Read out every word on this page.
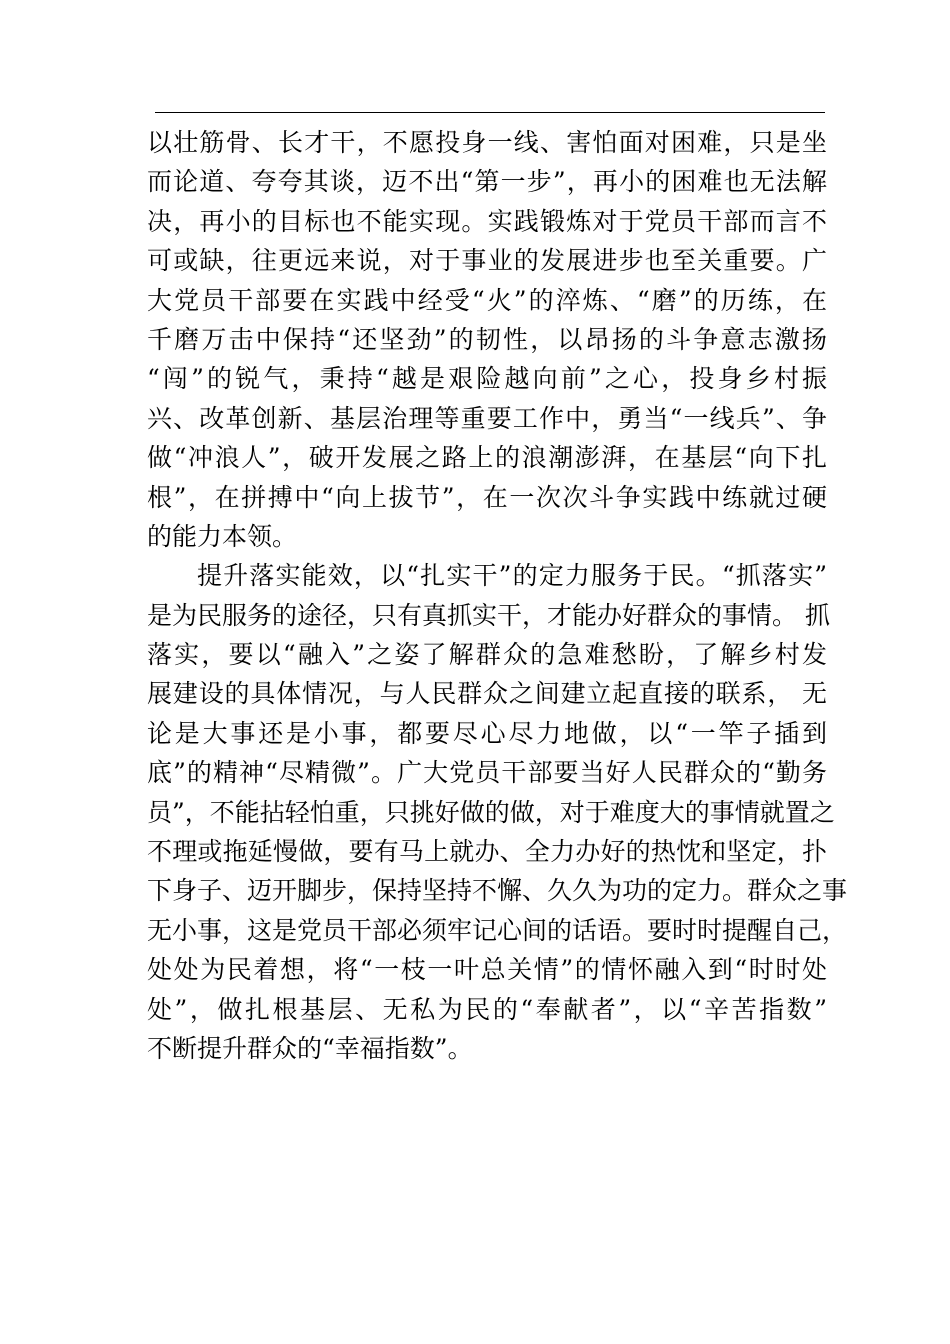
以壮筋骨、长才干，不愿投身一线、害怕面对困难，只是坐
而论道、夸夸其谈，迈不出“第一步”，再小的困难也无法解
决，再小的目标也不能实现。实践锻炼对于党员干部而言不
可或缺，往更远来说，对于事业的发展进步也至关重要。广
大党员干部要在实践中经受“火”的淬炼、“磨”的历练，在
千磨万击中保持“还坚劲”的韧性，以昂扬的斗争意志激扬
“闯”的锐气，秉持“越是艰险越向前”之心，投身乡村振
兴、改革创新、基层治理等重要工作中，勇当“一线兵”、争
做“冲浪人”，破开发展之路上的浪潮澎湃，在基层“向下扎
根”，在拼搏中“向上拔节”，在一次次斗争实践中练就过硬
的能力本领。
提升落实能效，以“扎实干”的定力服务于民。“抓落实”
是为民服务的途径，只有真抓实干，才能办好群众的事情。 抓
落实，要以“融入”之姿了解群众的急难愁盼，了解乡村发
展建设的具体情况，与人民群众之间建立起直接的联系， 无
论是大事还是小事，都要尽心尽力地做，以“一竿子插到
底”的精神“尽精微”。广大党员干部要当好人民群众的“勤务
员”，不能拈轻怕重，只挑好做的做，对于难度大的事情就置之
不理或拖延慢做，要有马上就办、全力办好的热忱和坚定，扑
下身子、迈开脚步，保持坚持不懈、久久为功的定力。群众之事
无小事，这是党员干部必须牢记心间的话语。要时时提醒自己，
处处为民着想，将“一枝一叶总关情”的情怀融入到“时时处
处”，做扎根基层、无私为民的“奉献者”，以“辛苦指数”
不断提升群众的“幸福指数”。
